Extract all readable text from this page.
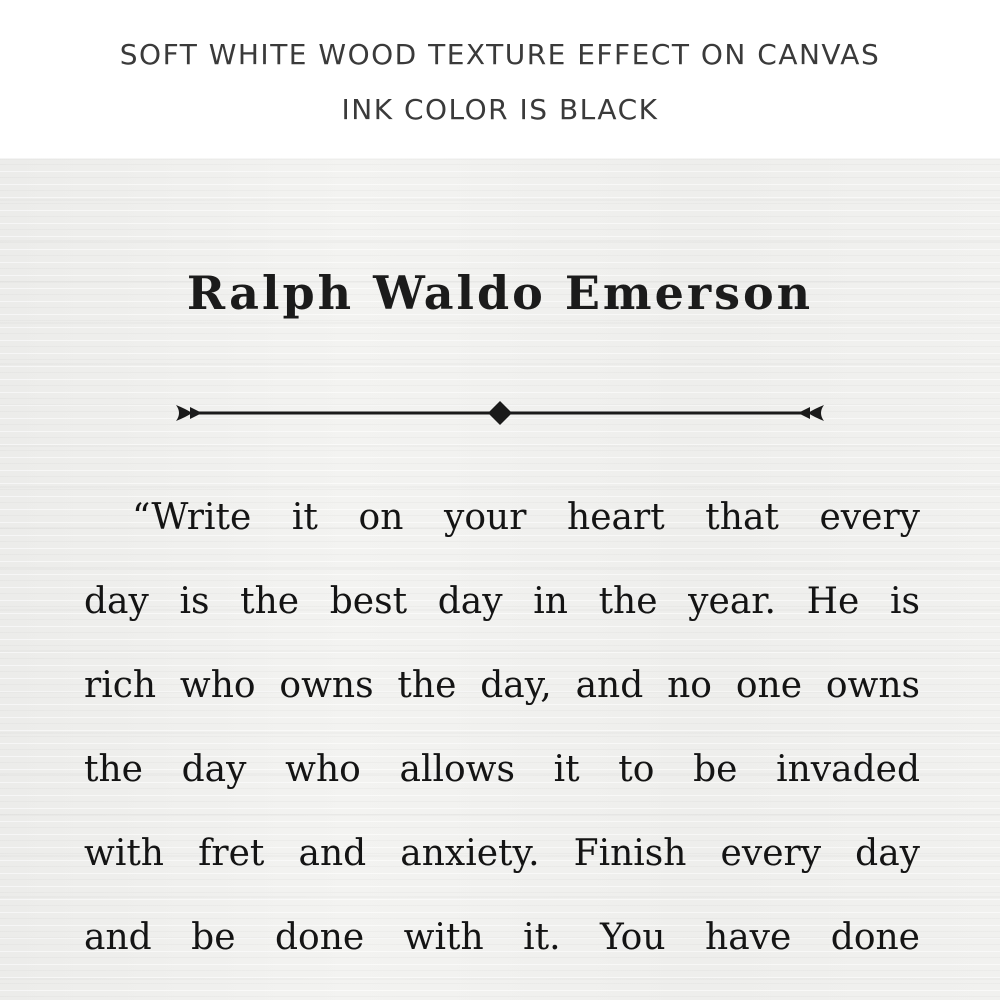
SOFT WHITE WOOD TEXTURE EFFECT ON CANVAS
INK COLOR IS BLACK
Ralph Waldo Emerson
“Write it on your heart that every
day is the best day in the year. He is
rich who owns the day, and no one owns
the day who allows it to be invaded
with fret and anxiety. Finish every day
and be done with it. You have done
